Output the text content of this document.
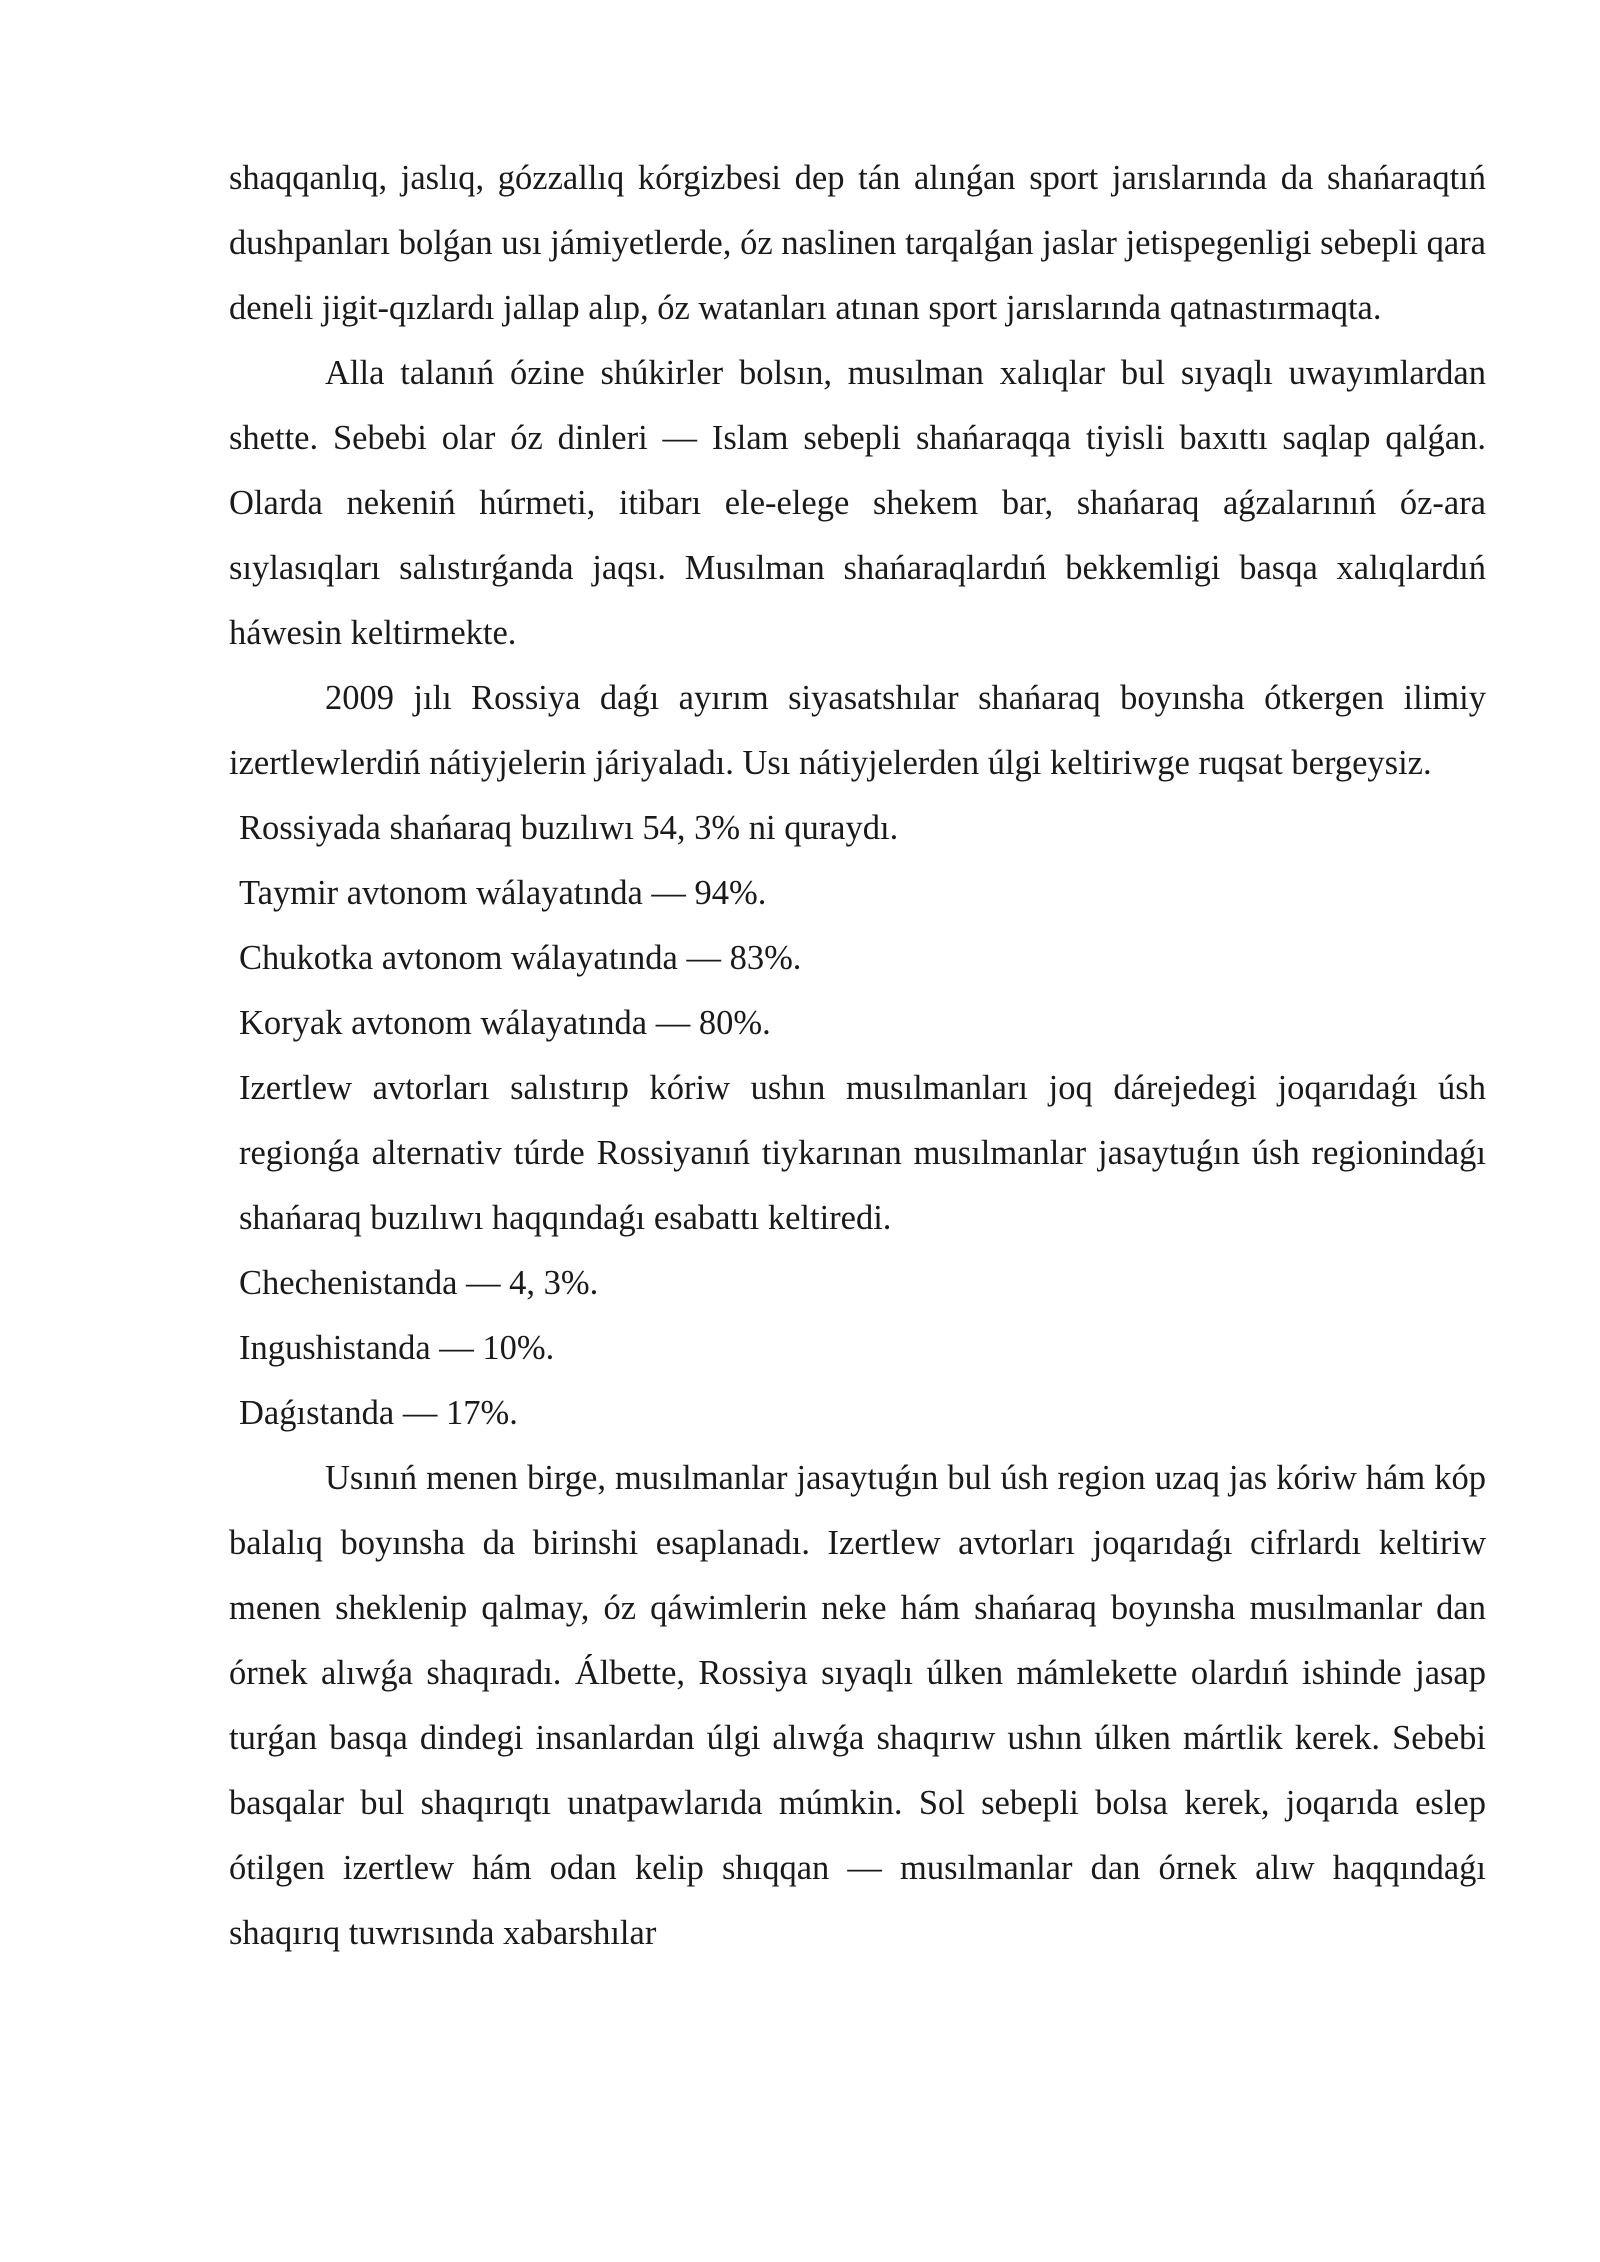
shaqqanlıq, jaslıq, gózzallıq kórgizbesi dep tán alınǵan sport jarıslarında da shańaraqtıń dushpanları bolǵan usı jámiyetlerde, óz naslinen tarqalǵan jaslar jetispegenligi sebepli qara deneli jigit-qızlardı jallap alıp, óz watanları atınan sport jarıslarında qatnastırmaqta.

Alla talanıń ózine shúkirler bolsın, musılman xalıqlar bul sıyaqlı uwayımlardan shette. Sebebi olar óz dinleri — Islam sebepli shańaraqqa tiyisli baxıttı saqlap qalǵan. Olarda nekeniń húrmeti, itibarı ele-elege shekem bar, shańaraq aǵzalarınıń óz-ara sıylasıqları salıstırǵanda jaqsı. Musılman shańaraqlardıń bekkemligi basqa xalıqlardıń háwesin keltirmekte.

2009 jılı Rossiya daǵı ayırım siyasatshılar shańaraq boyınsha ótkergen ilimiy izertlewlerdiń nátiyjelerin járiyaladı. Usı nátiyjelerden úlgi keltiriwge ruqsat bergeysiz.

Rossiyada shańaraq buzılıwı 54, 3% ni quraydı.

Taymir avtonom wálayatında — 94%.

Chukotka avtonom wálayatında — 83%.

Koryak avtonom wálayatında — 80%.

Izertlew avtorları salıstırıp kóriw ushın musılmanları joq dárejedegi joqarıdaǵı úsh regionǵa alternativ túrde Rossiyanıń tiykarınan musılmanlar jasaytuǵın úsh regionindaǵı shańaraq buzılıwı haqqındaǵı esabattı keltiredi.

Chechenistanda — 4, 3%.

Ingushistanda — 10%.

Daǵıstanda — 17%.

Usınıń menen birge, musılmanlar jasaytuǵın bul úsh region uzaq jas kóriw hám kóp balalıq boyınsha da birinshi esaplanadı. Izertlew avtorları joqarıdaǵı cifrlardı keltiriw menen sheklenip qalmay, óz qáwimlerin neke hám shańaraq boyınsha musılmanlar dan órnek alıwǵa shaqıradı. Álbette, Rossiya sıyaqlı úlken mámlekette olardıń ishinde jasap turǵan basqa dindegi insanlardan úlgi alıwǵa shaqırıw ushın úlken mártlik kerek. Sebebi basqalar bul shaqırıqtı unatpawlarıda múmkin. Sol sebepli bolsa kerek, joqarıda eslep ótilgen izertlew hám odan kelip shıqqan — musılmanlar dan órnek alıw haqqındaǵı shaqırıq tuwrısında xabarshılar
